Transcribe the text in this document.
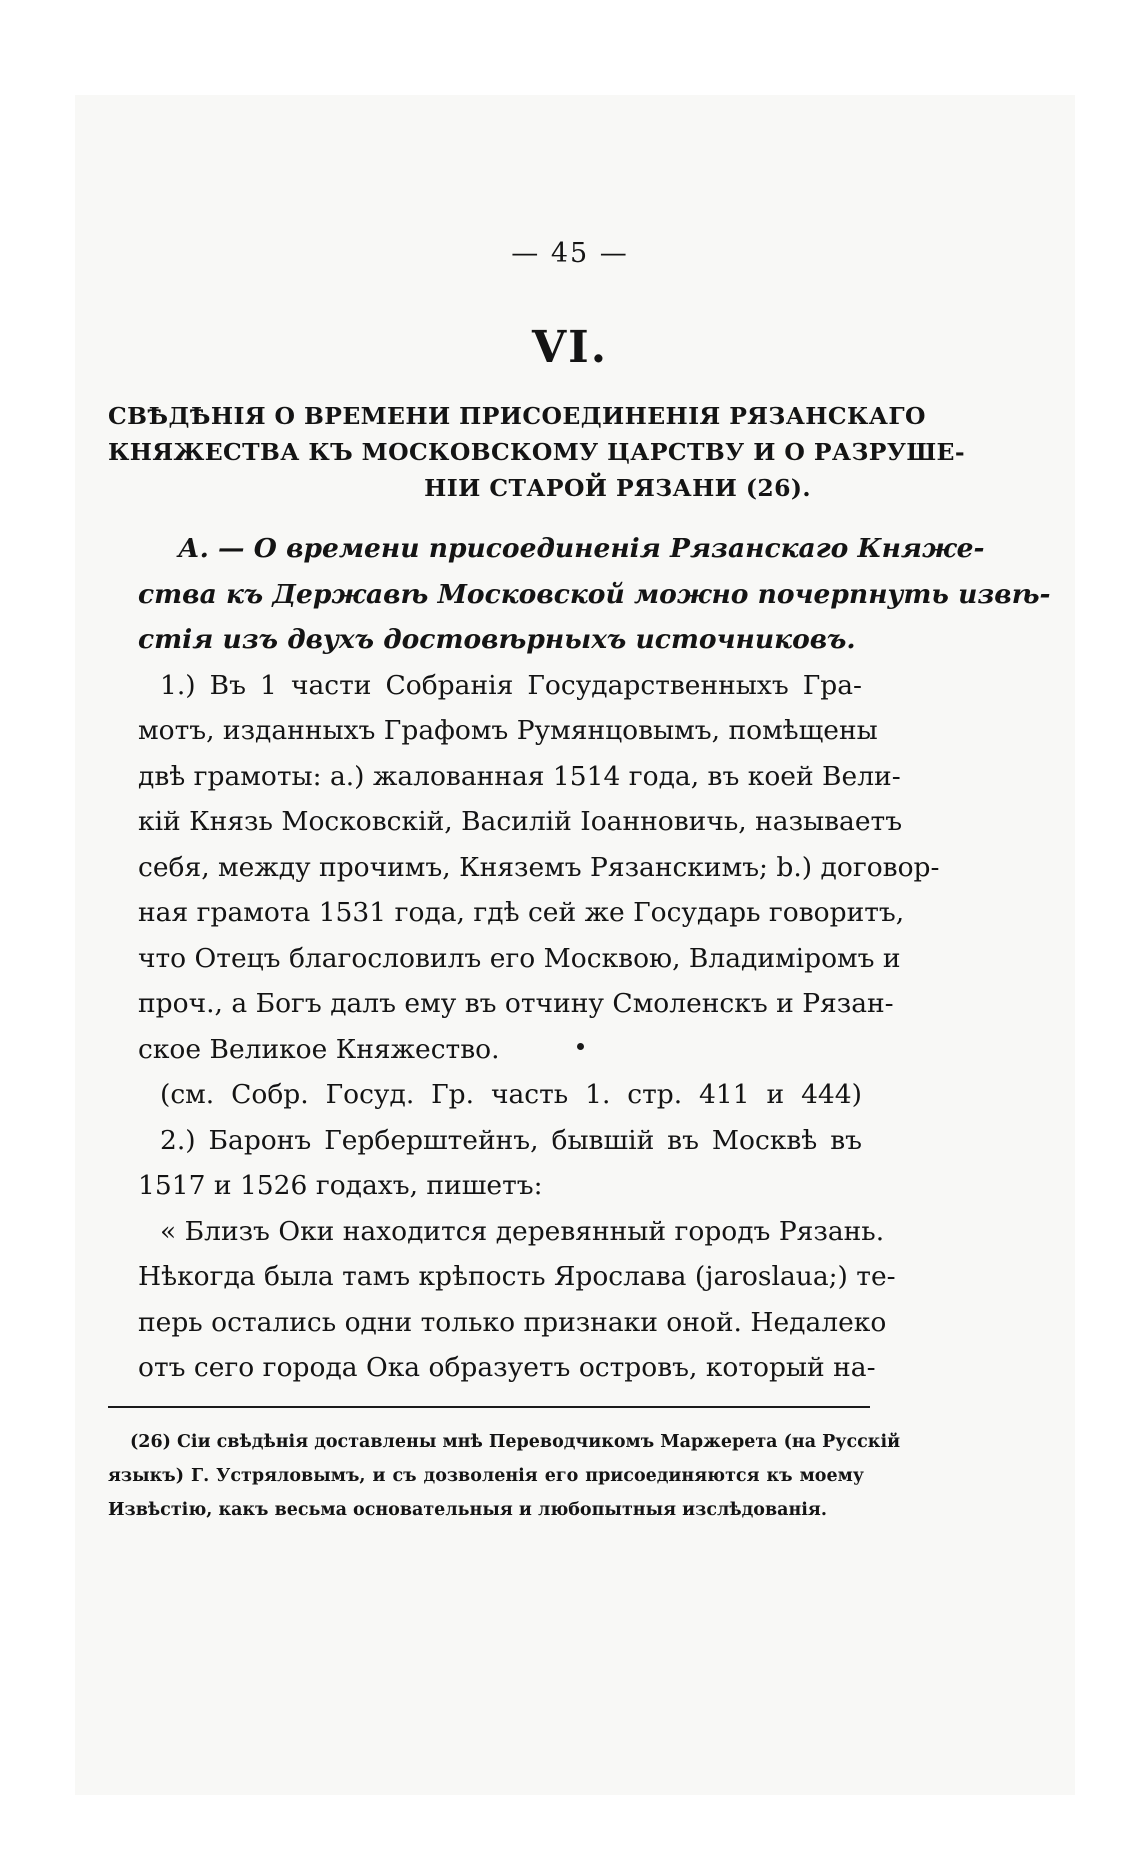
— 45 —
VI.
СВѢДѢНІЯ О ВРЕМЕНИ ПРИСОЕДИНЕНІЯ РЯЗАНСКАГО
КНЯЖЕСТВА КЪ МОСКОВСКОМУ ЦАРСТВУ И О РАЗРУШЕ-
НІИ СТАРОЙ РЯЗАНИ (26).
А. — О времени присоединенія Рязанскаго Княже-
ства къ Державѣ Московской можно почерпнуть извѣ-
стія изъ двухъ достовѣрныхъ источниковъ.
1.) Въ 1 части Собранія Государственныхъ Гра-
мотъ, изданныхъ Графомъ Румянцовымъ, помѣщены
двѣ грамоты: а.) жалованная 1514 года, въ коей Вели-
кій Князь Московскій, Василій Іоанновичь, называетъ
себя, между прочимъ, Княземъ Рязанскимъ; b.) договор-
ная грамота 1531 года, гдѣ сей же Государь говоритъ,
что Отецъ благословилъ его Москвою, Владиміромъ и
проч., а Богъ далъ ему въ отчину Смоленскъ и Рязан-
ское Великое Княжество.
(см. Собр. Госуд. Гр. часть 1. стр. 411 и 444)
2.) Баронъ Герберштейнъ, бывшій въ Москвѣ въ
1517 и 1526 годахъ, пишетъ:
« Близъ Оки находится деревянный городъ Рязань.
Нѣкогда была тамъ крѣпость Ярослава (jaroslaua;) те-
перь остались одни только признаки оной. Недалеко
отъ сего города Ока образуетъ островъ, который на-
(26) Сіи свѣдѣнія доставлены мнѣ Переводчикомъ Маржерета (на Русскій
языкъ) Г. Устряловымъ, и съ дозволенія его присоединяются къ моему
Извѣстію, какъ весьма основательныя и любопытныя изслѣдованія.
